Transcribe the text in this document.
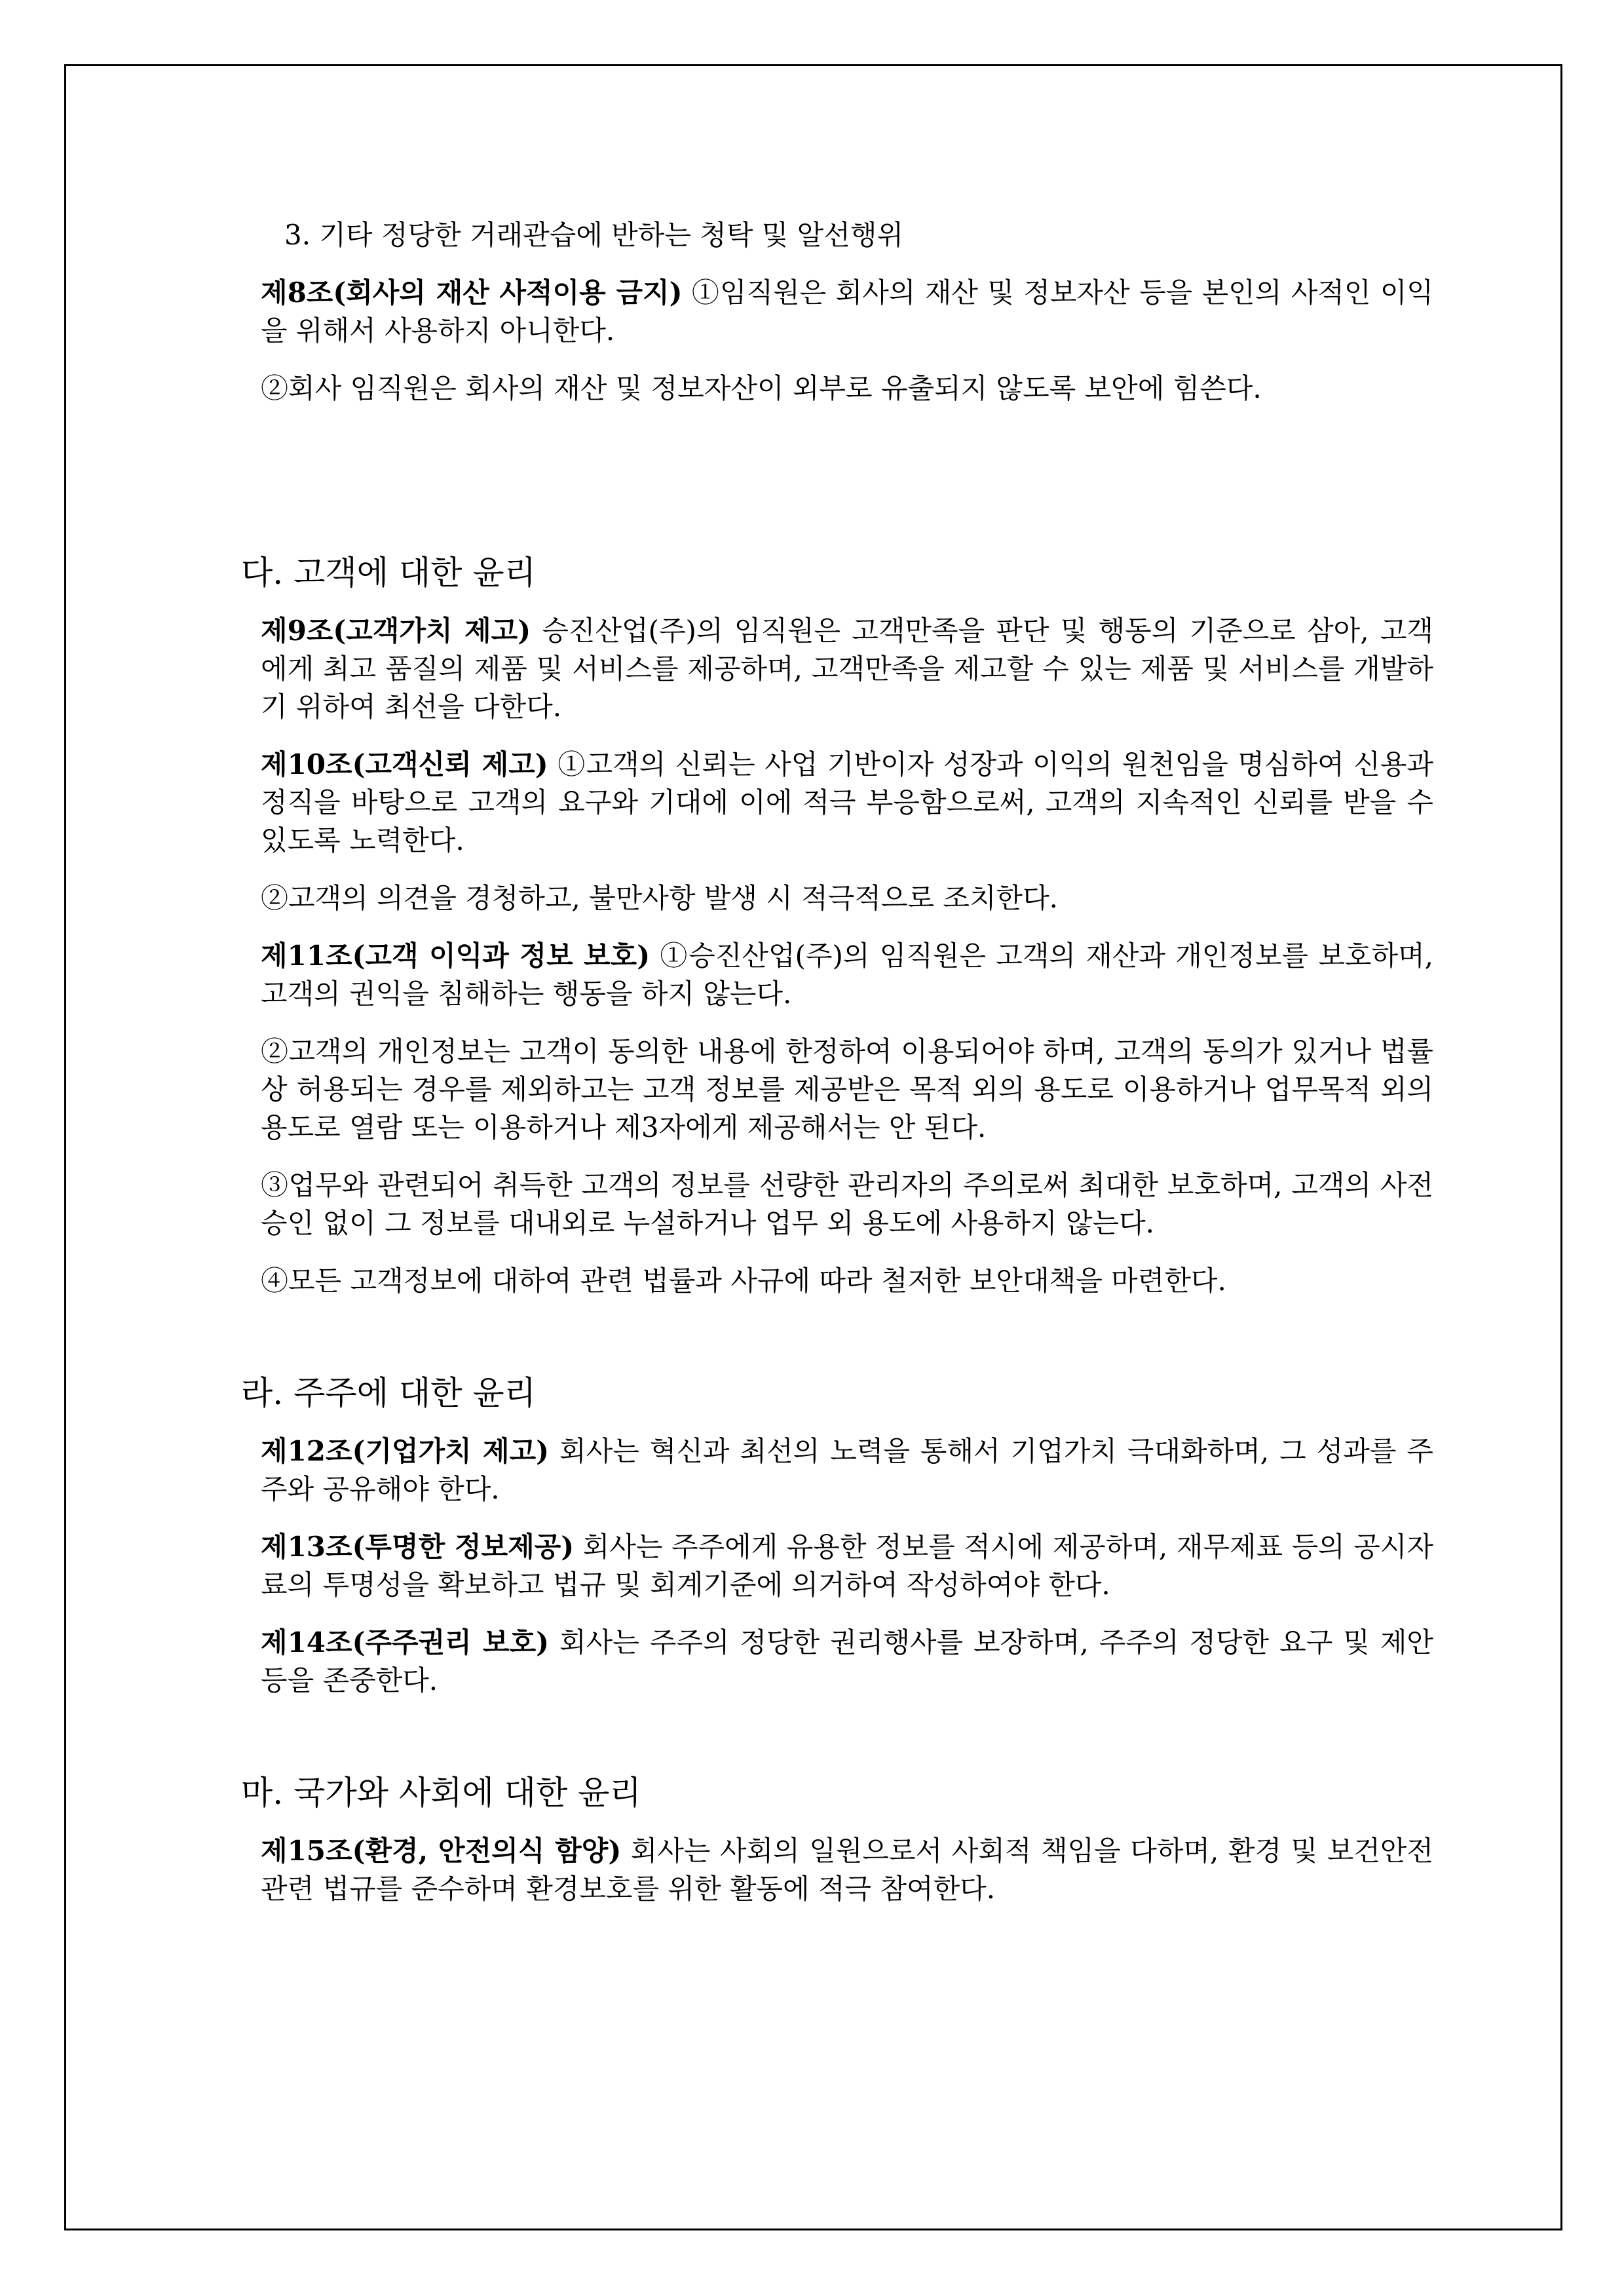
3. 기타 정당한 거래관습에 반하는 청탁 및 알선행위

제8조(회사의 재산 사적이용 금지) ①임직원은 회사의 재산 및 정보자산 등을 본인의 사적인 이익을 위해서 사용하지 아니한다.

②회사 임직원은 회사의 재산 및 정보자산이 외부로 유출되지 않도록 보안에 힘쓴다.

다. 고객에 대한 윤리

제9조(고객가치 제고) 승진산업(주)의 임직원은 고객만족을 판단 및 행동의 기준으로 삼아, 고객에게 최고 품질의 제품 및 서비스를 제공하며, 고객만족을 제고할 수 있는 제품 및 서비스를 개발하기 위하여 최선을 다한다.

제10조(고객신뢰 제고) ①고객의 신뢰는 사업 기반이자 성장과 이익의 원천임을 명심하여 신용과 정직을 바탕으로 고객의 요구와 기대에 이에 적극 부응함으로써, 고객의 지속적인 신뢰를 받을 수 있도록 노력한다.

②고객의 의견을 경청하고, 불만사항 발생 시 적극적으로 조치한다.

제11조(고객 이익과 정보 보호) ①승진산업(주)의 임직원은 고객의 재산과 개인정보를 보호하며, 고객의 권익을 침해하는 행동을 하지 않는다.

②고객의 개인정보는 고객이 동의한 내용에 한정하여 이용되어야 하며, 고객의 동의가 있거나 법률상 허용되는 경우를 제외하고는 고객 정보를 제공받은 목적 외의 용도로 이용하거나 업무목적 외의 용도로 열람 또는 이용하거나 제3자에게 제공해서는 안 된다.

③업무와 관련되어 취득한 고객의 정보를 선량한 관리자의 주의로써 최대한 보호하며, 고객의 사전 승인 없이 그 정보를 대내외로 누설하거나 업무 외 용도에 사용하지 않는다.

④모든 고객정보에 대하여 관련 법률과 사규에 따라 철저한 보안대책을 마련한다.

라. 주주에 대한 윤리

제12조(기업가치 제고) 회사는 혁신과 최선의 노력을 통해서 기업가치 극대화하며, 그 성과를 주주와 공유해야 한다.

제13조(투명한 정보제공) 회사는 주주에게 유용한 정보를 적시에 제공하며, 재무제표 등의 공시자료의 투명성을 확보하고 법규 및 회계기준에 의거하여 작성하여야 한다.

제14조(주주권리 보호) 회사는 주주의 정당한 권리행사를 보장하며, 주주의 정당한 요구 및 제안 등을 존중한다.

마. 국가와 사회에 대한 윤리

제15조(환경, 안전의식 함양) 회사는 사회의 일원으로서 사회적 책임을 다하며, 환경 및 보건안전 관련 법규를 준수하며 환경보호를 위한 활동에 적극 참여한다.
